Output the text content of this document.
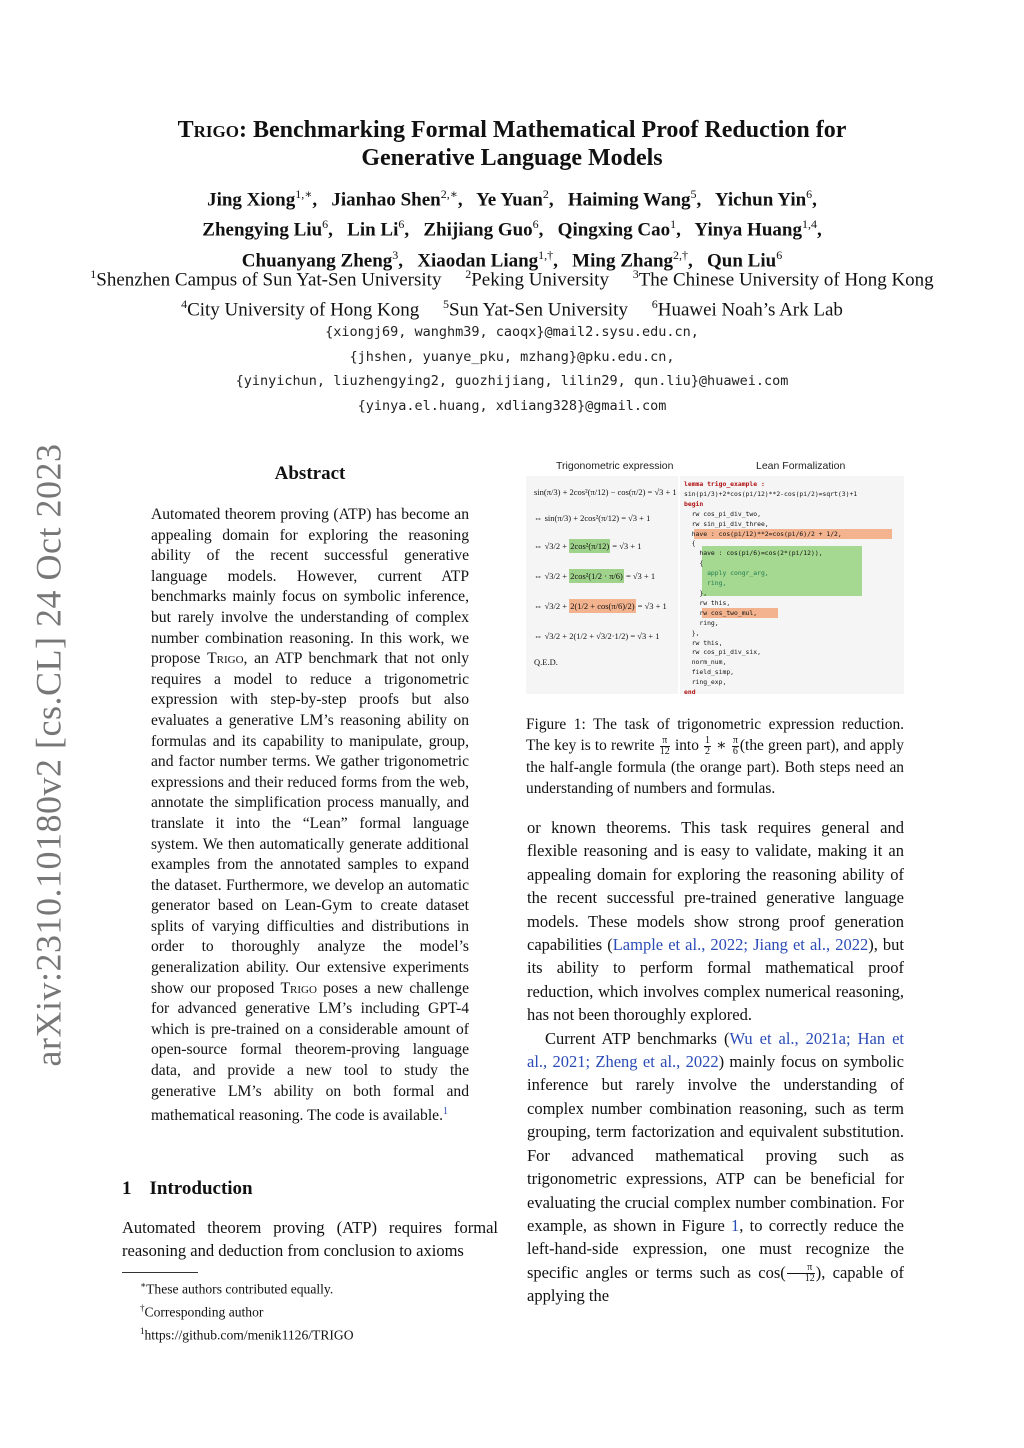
arXiv:2310.10180v2 [cs.CL] 24 Oct 2023
Trigo: Benchmarking Formal Mathematical Proof Reduction for
Generative Language Models
Jing Xiong$^{1,∗}$,   Jianhao Shen$^{2,∗}$,   Ye Yuan$^2$,   Haiming Wang$^5$,   Yichun Yin$^6$,
Zhengying Liu$^6$,   Lin Li$^6$,   Zhijiang Guo$^6$,   Qingxing Cao$^1$,   Yinya Huang$^{1,4}$,
Chuanyang Zheng$^3$,   Xiaodan Liang$^{1,\dagger}$,   Ming Zhang$^{2,\dagger}$,   Qun Liu$^6$
$^1$Shenzhen Campus of Sun Yat-Sen University $^2$Peking University $^3$The Chinese University of Hong Kong
$^4$City University of Hong Kong $^5$Sun Yat-Sen University $^6$Huawei Noah’s Ark Lab
{xiongj69, wanghm39, caoqx}@mail2.sysu.edu.cn,
{jhshen, yuanye_pku, mzhang}@pku.edu.cn,
{yinyichun, liuzhengying2, guozhijiang, lilin29, qun.liu}@huawei.com
{yinya.el.huang, xdliang328}@gmail.com
Abstract

Automated theorem proving (ATP) has become an appealing domain for exploring the reasoning ability of the recent successful generative language models. However, current ATP benchmarks mainly focus on symbolic inference, but rarely involve the understanding of complex number combination reasoning. In this work, we propose Trigo, an ATP benchmark that not only requires a model to reduce a trigonometric expression with step-by-step proofs but also evaluates a generative LM’s reasoning ability on formulas and its capability to manipulate, group, and factor number terms. We gather trigonometric expressions and their reduced forms from the web, annotate the simplification process manually, and translate it into the “Lean” formal language system. We then automatically generate additional examples from the annotated samples to expand the dataset. Furthermore, we develop an automatic generator based on Lean-Gym to create dataset splits of varying difficulties and distributions in order to thoroughly analyze the model’s generalization ability. Our extensive experiments show our proposed Trigo poses a new challenge for advanced generative LM’s including GPT-4 which is pre-trained on a considerable amount of open-source formal theorem-proving language data, and provide a new tool to study the generative LM’s ability on both formal and mathematical reasoning. The code is available.$^1$

1 Introduction

Automated theorem proving (ATP) requires formal reasoning and deduction from conclusion to axioms

∗These authors contributed equally.
†Corresponding author
$^1$https://github.com/menik1126/TRIGO
Trigonometric expression	Lean Formalization
sin(π/3) + 2cos²(π/12) − cos(π/2) = √3 + 1
⇔ sin(π/3) + 2cos²(π/12) = √3 + 1
⇔ √3/2 + 2cos²(π/12) = √3 + 1
⇔ √3/2 + 2cos²(1/2 · π/6) = √3 + 1
⇔ √3/2 + 2(1/2 + cos(π/6)/2) = √3 + 1
⇔ √3/2 + 2(1/2 + √3/2·1/2) = √3 + 1
Q.E.D.
lemma trigo_example :
sin(pi/3)+2*cos(pi/12)**2-cos(pi/2)=sqrt(3)+1
begin
rw cos_pi_div_two,
rw sin_pi_div_three,
have : cos(pi/12)**2=cos(pi/6)/2 + 1/2,
{
have : cos(pi/6)=cos(2*(pi/12)),
{
apply congr_arg,
ring,
},
rw this,
rw cos_two_mul,
ring,
},
rw this,
rw cos_pi_div_six,
norm_num,
field_simp,
ring_exp,
end

Figure 1: The task of trigonometric expression reduction. The key is to rewrite $\frac{\pi}{12}$ into $\frac{1}{2}$ ∗ $\frac{\pi}{6} (the$ green part), and apply the half-angle formula (the orange part). Both steps need an understanding of numbers and formulas.

or known theorems. This task requires general and flexible reasoning and is easy to validate, making it an appealing domain for exploring the reasoning ability of the recent successful pre-trained generative language models. These models show strong proof generation capabilities (Lample et al., 2022; Jiang et al., 2022), but its ability to perform formal mathematical proof reduction, which involves complex numerical reasoning, has not been thoroughly explored.

Current ATP benchmarks (Wu et al., 2021a; Han et al., 2021; Zheng et al., 2022) mainly focus on symbolic inference but rarely involve the understanding of complex number combination reasoning, such as term grouping, term factorization and equivalent substitution. For advanced mathematical proving such as trigonometric expressions, ATP can be beneficial for evaluating the crucial complex number combination. For example, as shown in Figure 1, to correctly reduce the left-hand-side expression, one must recognize the specific angles or terms such as $\cos( \frac{\pi}{12}$ ), capable of applying the
